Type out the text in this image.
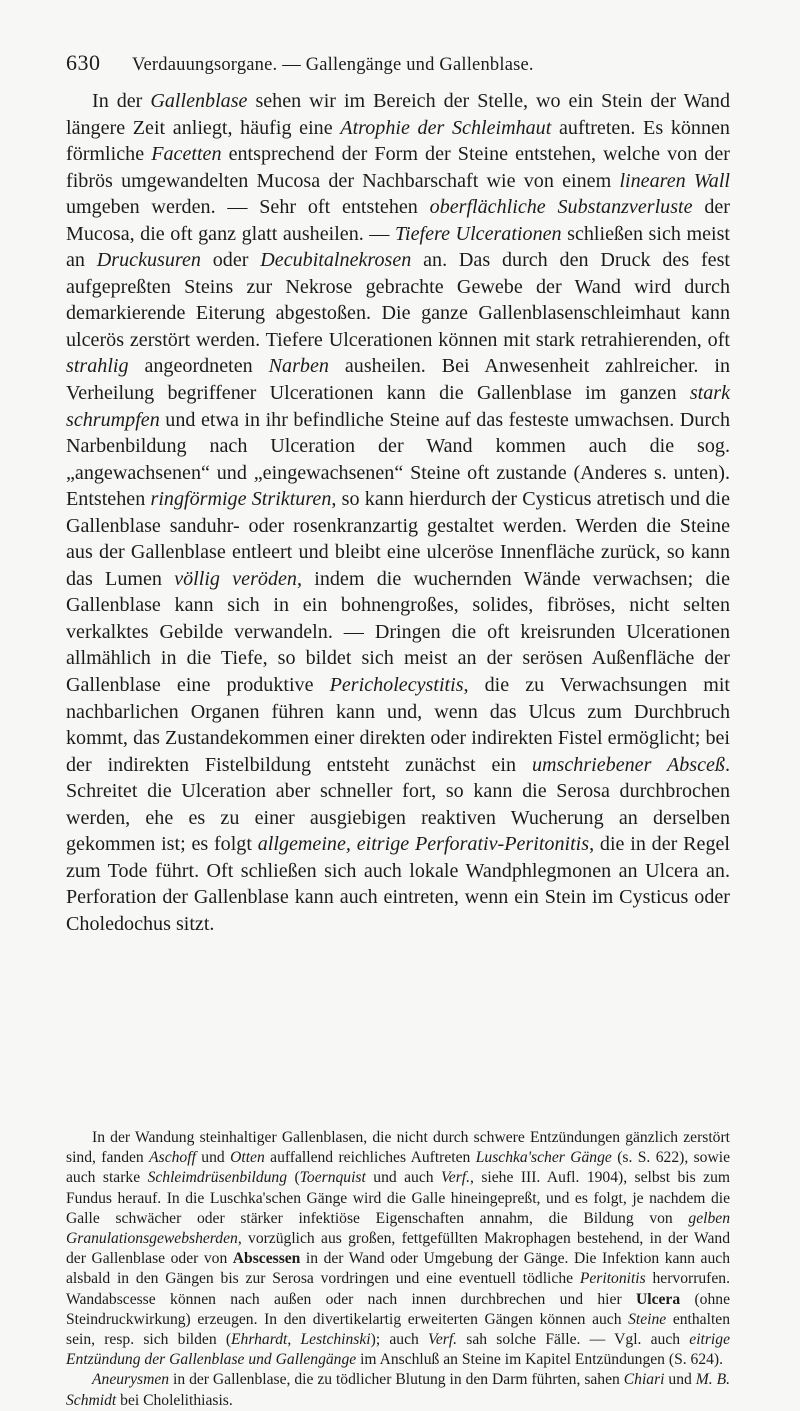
630	Verdauungsorgane. — Gallengänge und Gallenblase.

In der Gallenblase sehen wir im Bereich der Stelle, wo ein Stein der Wand längere Zeit anliegt, häufig eine Atrophie der Schleimhaut auftreten. Es können förmliche Facetten entsprechend der Form der Steine entstehen, welche von der fibrös umgewandelten Mucosa der Nachbarschaft wie von einem linearen Wall umgeben werden. — Sehr oft entstehen oberflächliche Substanzverluste der Mucosa, die oft ganz glatt ausheilen. — Tiefere Ulcerationen schließen sich meist an Druckusuren oder Decubitalnekrosen an. Das durch den Druck des fest aufgepreßten Steins zur Nekrose gebrachte Gewebe der Wand wird durch demarkierende Eiterung abgestoßen. Die ganze Gallenblasenschleimhaut kann ulcerös zerstört werden. Tiefere Ulcerationen können mit stark retrahierenden, oft strahlig angeordneten Narben ausheilen. Bei Anwesenheit zahlreicher. in Verheilung begriffener Ulcerationen kann die Gallenblase im ganzen stark schrumpfen und etwa in ihr befindliche Steine auf das festeste umwachsen. Durch Narbenbildung nach Ulceration der Wand kommen auch die sog. „angewachsenen“ und „eingewachsenen“ Steine oft zustande (Anderes s. unten). Entstehen ringförmige Strikturen, so kann hierdurch der Cysticus atretisch und die Gallenblase sanduhr- oder rosenkranzartig gestaltet werden. Werden die Steine aus der Gallenblase entleert und bleibt eine ulceröse Innenfläche zurück, so kann das Lumen völlig veröden, indem die wuchernden Wände verwachsen; die Gallenblase kann sich in ein bohnengroßes, solides, fibröses, nicht selten verkalktes Gebilde verwandeln. — Dringen die oft kreisrunden Ulcerationen allmählich in die Tiefe, so bildet sich meist an der serösen Außenfläche der Gallenblase eine produktive Pericholecystitis, die zu Verwachsungen mit nachbarlichen Organen führen kann und, wenn das Ulcus zum Durchbruch kommt, das Zustandekommen einer direkten oder indirekten Fistel ermöglicht; bei der indirekten Fistelbildung entsteht zunächst ein umschriebener Absceß. Schreitet die Ulceration aber schneller fort, so kann die Serosa durchbrochen werden, ehe es zu einer ausgiebigen reaktiven Wucherung an derselben gekommen ist; es folgt allgemeine, eitrige Perforativ-Peritonitis, die in der Regel zum Tode führt. Oft schließen sich auch lokale Wandphlegmonen an Ulcera an. Perforation der Gallenblase kann auch eintreten, wenn ein Stein im Cysticus oder Choledochus sitzt.

In der Wandung steinhaltiger Gallenblasen, die nicht durch schwere Entzündungen gänzlich zerstört sind, fanden Aschoff und Otten auffallend reichliches Auftreten Luschka'scher Gänge (s. S. 622), sowie auch starke Schleimdrüsenbildung (Toernquist und auch Verf., siehe III. Aufl. 1904), selbst bis zum Fundus herauf. In die Luschka'schen Gänge wird die Galle hineingepreßt, und es folgt, je nachdem die Galle schwächer oder stärker infektiöse Eigenschaften annahm, die Bildung von gelben Granulationsgewebsherden, vorzüglich aus großen, fettgefüllten Makrophagen bestehend, in der Wand der Gallenblase oder von Abscessen in der Wand oder Umgebung der Gänge. Die Infektion kann auch alsbald in den Gängen bis zur Serosa vordringen und eine eventuell tödliche Peritonitis hervorrufen. Wandabscesse können nach außen oder nach innen durchbrechen und hier Ulcera (ohne Steindruckwirkung) erzeugen. In den divertikelartig erweiterten Gängen können auch Steine enthalten sein, resp. sich bilden (Ehrhardt, Lestchinski); auch Verf. sah solche Fälle. — Vgl. auch eitrige Entzündung der Gallenblase und Gallengänge im Anschluß an Steine im Kapitel Entzündungen (S. 624).

Aneurysmen in der Gallenblase, die zu tödlicher Blutung in den Darm führten, sahen Chiari und M. B. Schmidt bei Cholelithiasis.
